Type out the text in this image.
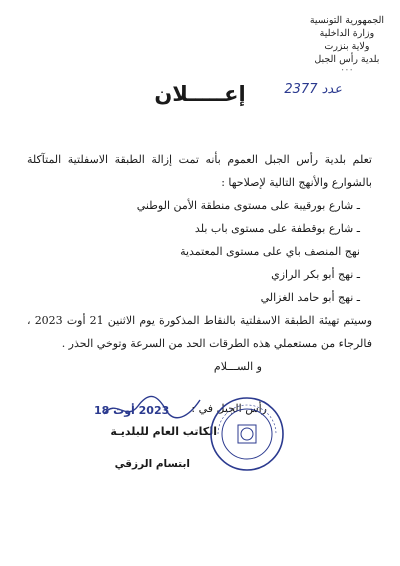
الجمهورية التونسية
وزارة الداخلية
ولاية بنزرت
بلدية رأس الجبل
٠٠٠
عدد 2377
إعـــــلان

تعلم بلدية رأس الجبل العموم بأنه تمت إزالة الطبقة الاسفلتية المتآكلة بالشوارع والأنهج التالية لإصلاحها :

ـ شارع بورقيبة على مستوى منطقة الأمن الوطني

ـ شارع بوقطفة على مستوى باب بلد

نهج المنصف باي على مستوى المعتمدية

ـ نهج أبو بكر الرازي

ـ نهج أبو حامد الغزالي

وسيتم تهيئة الطبقة الاسفلتية بالنقاط المذكورة يوم الاثنين 21 أوت 2023 ، فالرجاء من مستعملي هذه الطرقات الحد من السرعة وتوخي الحذر .

و الســـلام

2023 أوت 18 رأس الجبل في :
الكاتب العام للبلديـة
ابتسام الرزقي
